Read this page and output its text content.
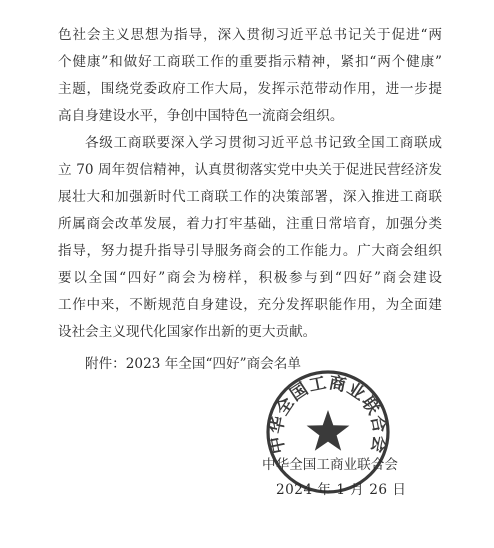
色社会主义思想为指导，深入贯彻习近平总书记关于促进“两
个健康”和做好工商联工作的重要指示精神，紧扣“两个健康”
主题，围绕党委政府工作大局，发挥示范带动作用，进一步提
高自身建设水平，争创中国特色一流商会组织。
各级工商联要深入学习贯彻习近平总书记致全国工商联成
立 70 周年贺信精神，认真贯彻落实党中央关于促进民营经济发
展壮大和加强新时代工商联工作的决策部署，深入推进工商联
所属商会改革发展，着力打牢基础，注重日常培育，加强分类
指导，努力提升指导引导服务商会的工作能力。广大商会组织
要以全国“四好”商会为榜样，积极参与到“四好”商会建设
工作中来，不断规范自身建设，充分发挥职能作用，为全面建
设社会主义现代化国家作出新的更大贡献。
附件：2023 年全国“四好”商会名单
中华全国工商业联合会
中华全国工商业联合会
2024 年 1 月 26 日
